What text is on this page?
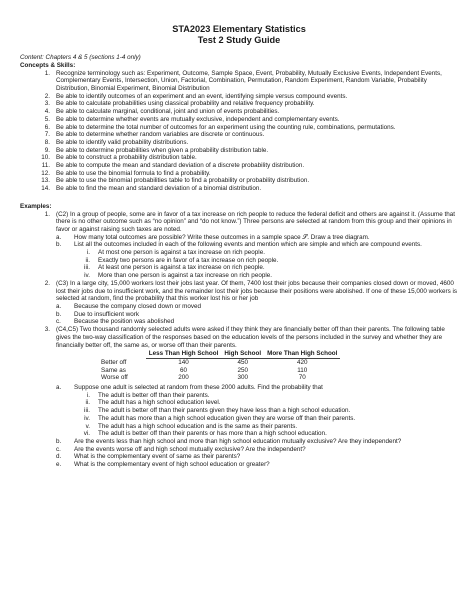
STA2023 Elementary Statistics
Test 2 Study Guide
Content: Chapters 4 & 5 (sections 1-4 only)
Concepts & Skills:
1. Recognize terminology such as: Experiment, Outcome, Sample Space, Event, Probability, Mutually Exclusive Events, Independent Events, Complementary Events, Intersection, Union, Factorial, Combination, Permutation, Random Experiment, Random Variable, Probability Distribution, Binomial Experiment, Binomial Distribution
2. Be able to identify outcomes of an experiment and an event, identifying simple versus compound events.
3. Be able to calculate probabilities using classical probability and relative frequency probability.
4. Be able to calculate marginal, conditional, joint and union of events probabilities.
5. Be able to determine whether events are mutually exclusive, independent and complementary events.
6. Be able to determine the total number of outcomes for an experiment using the counting rule, combinations, permutations.
7. Be able to determine whether random variables are discrete or continuous.
8. Be able to identify valid probability distributions.
9. Be able to determine probabilities when given a probability distribution table.
10. Be able to construct a probability distribution table.
11. Be able to compute the mean and standard deviation of a discrete probability distribution.
12. Be able to use the binomial formula to find a probability.
13. Be able to use the binomial probabilities table to find a probability or probability distribution.
14. Be able to find the mean and standard deviation of a binomial distribution.
Examples:
1. (C2) In a group of people, some are in favor of a tax increase on rich people to reduce the federal deficit and others are against it. (Assume that there is no other outcome such as “no opinion” and “do not know.”) Three persons are selected at random from this group and their opinions in favor or against raising such taxes are noted.
a.	How many total outcomes are possible? Write these outcomes in a sample space 𝒮. Draw a tree diagram.
b.	List all the outcomes included in each of the following events and mention which are simple and which are compound events.
i.	At most one person is against a tax increase on rich people.
ii.	Exactly two persons are in favor of a tax increase on rich people.
iii.	At least one person is against a tax increase on rich people.
iv.	More than one person is against a tax increase on rich people.
2. (C3) In a large city, 15,000 workers lost their jobs last year. Of them, 7400 lost their jobs because their companies closed down or moved, 4600 lost their jobs due to insufficient work, and the remainder lost their jobs because their positions were abolished. If one of these 15,000 workers is selected at random, find the probability that this worker lost his or her job
a.	Because the company closed down or moved
b.	Due to insufficient work
c.	Because the position was abolished
3. (C4,C5) Two thousand randomly selected adults were asked if they think they are financially better off than their parents. The following table gives the two-way classification of the responses based on the education levels of the persons included in the survey and whether they are financially better off, the same as, or worse off than their parents.
	Less Than High School	High School	More Than High School
Better off	140	450	420
Same as	60	250	110
Worse off	200	300	70
a.	Suppose one adult is selected at random from these 2000 adults. Find the probability that
i.	The adult is better off than their parents.
ii.	The adult has a high school education level.
iii.	The adult is better off than their parents given they have less than a high school education.
iv.	The adult has more than a high school education given they are worse off than their parents.
v.	The adult has a high school education and is the same as their parents.
vi.	The adult is better off than their parents or has more than a high school education.
b.	Are the events less than high school and more than high school education mutually exclusive? Are they independent?
c.	Are the events worse off and high school mutually exclusive? Are the independent?
d.	What is the complementary event of same as their parents?
e.	What is the complementary event of high school education or greater?
